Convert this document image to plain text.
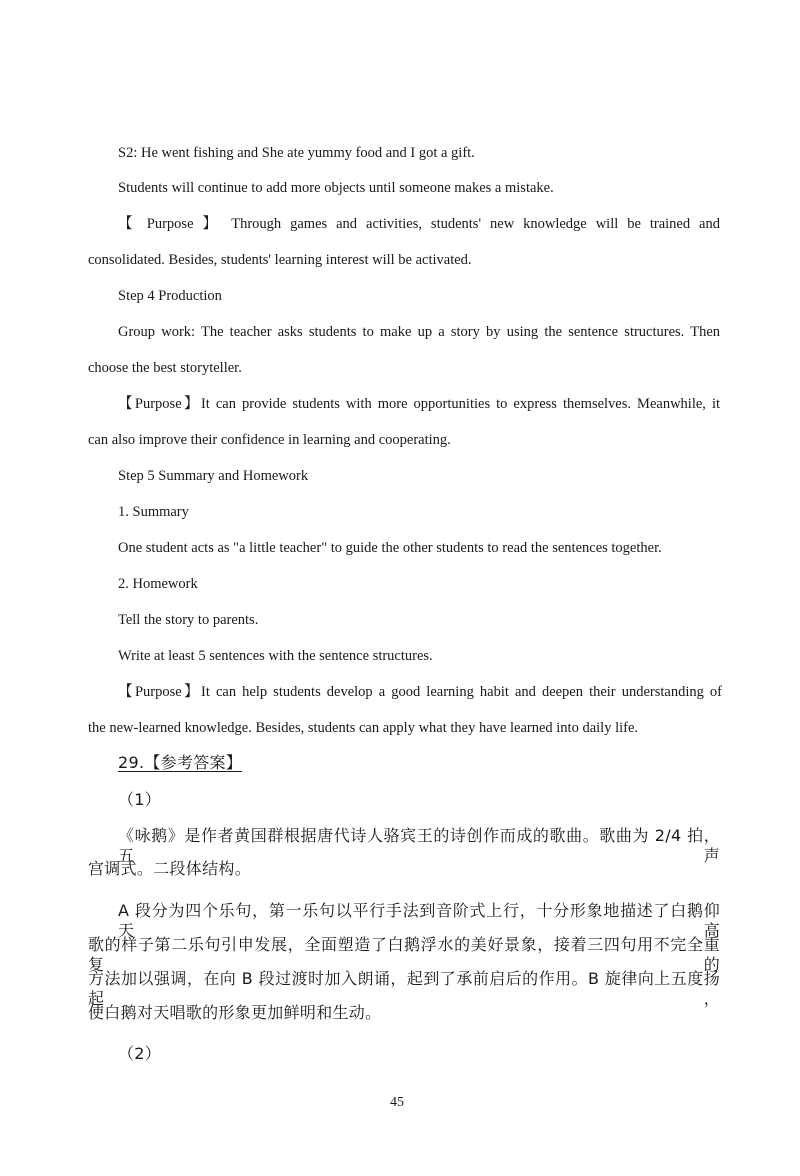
S2: He went fishing and She ate yummy food and I got a gift.
Students will continue to add more objects until someone makes a mistake.
【 Purpose 】 Through games and activities, students' new knowledge will be trained and
consolidated. Besides, students' learning interest will be activated.
Step 4 Production
Group work: The teacher asks students to make up a story by using the sentence structures. Then
choose the best storyteller.
【Purpose】It can provide students with more opportunities to express themselves. Meanwhile, it
can also improve their confidence in learning and cooperating.
Step 5 Summary and Homework
1. Summary
One student acts as "a little teacher" to guide the other students to read the sentences together.
2. Homework
Tell the story to parents.
Write at least 5 sentences with the sentence structures.
【Purpose】It can help students develop a good learning habit and deepen their understanding of
the new-learned knowledge. Besides, students can apply what they have learned into daily life.
29.【参考答案】
（1）
《咏鹅》是作者黄国群根据唐代诗人骆宾王的诗创作而成的歌曲。歌曲为 2/4 拍，五声
宫调式。二段体结构。
A 段分为四个乐句，第一乐句以平行手法到音阶式上行，十分形象地描述了白鹅仰天高
歌的样子第二乐句引申发展，全面塑造了白鹅浮水的美好景象，接着三四句用不完全重复的
方法加以强调，在向 B 段过渡时加入朗诵，起到了承前启后的作用。B 旋律向上五度扬起，
使白鹅对天唱歌的形象更加鲜明和生动。
（2）
45
